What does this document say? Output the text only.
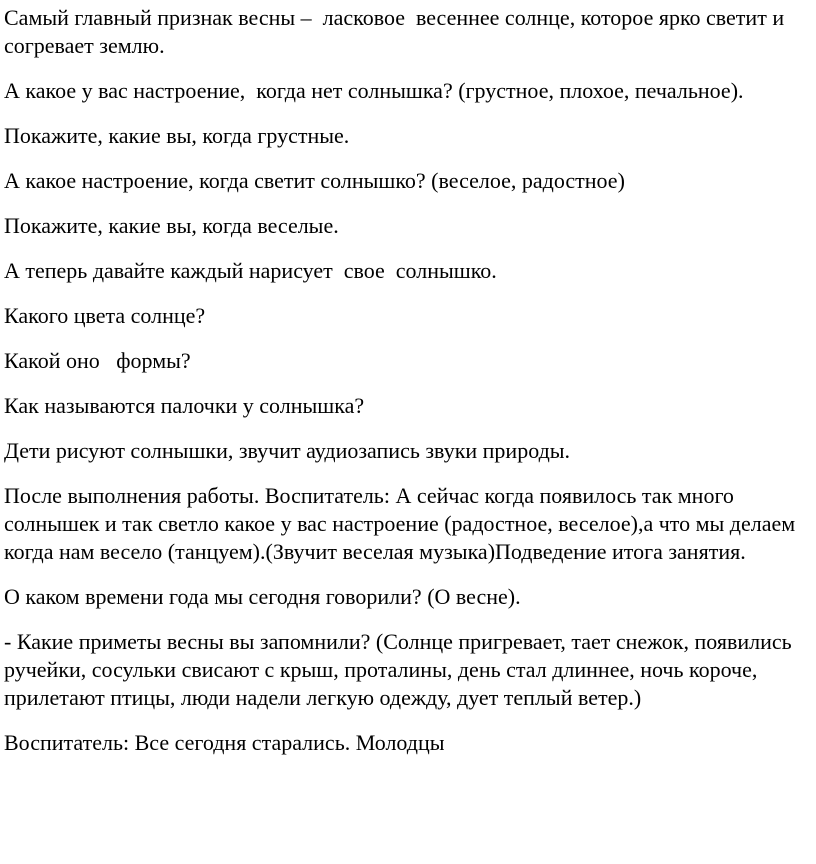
Самый главный признак весны –  ласковое  весеннее солнце, которое ярко светит и  согревает землю.

А какое у вас настроение,  когда нет солнышка? (грустное, плохое, печальное).

Покажите, какие вы, когда грустные.

А какое настроение, когда светит солнышко? (веселое, радостное)

Покажите, какие вы, когда веселые.

А теперь давайте каждый нарисует  свое  солнышко.

Какого цвета солнце?

Какой оно   формы?

Как называются палочки у солнышка?

Дети рисуют солнышки, звучит аудиозапись звуки природы.

После выполнения работы. Воспитатель: А сейчас когда появилось так много солнышек и так светло какое у вас настроение (радостное, веселое),а что мы делаем когда нам весело (танцуем).(Звучит веселая музыка)Подведение итога занятия.

О каком времени года мы сегодня говорили? (О весне).

- Какие приметы весны вы запомнили? (Солнце пригревает, тает снежок, появились ручейки, сосульки свисают с крыш, проталины, день стал длиннее, ночь короче, прилетают птицы, люди надели легкую одежду, дует теплый ветер.)

Воспитатель: Все сегодня старались. Молодцы
